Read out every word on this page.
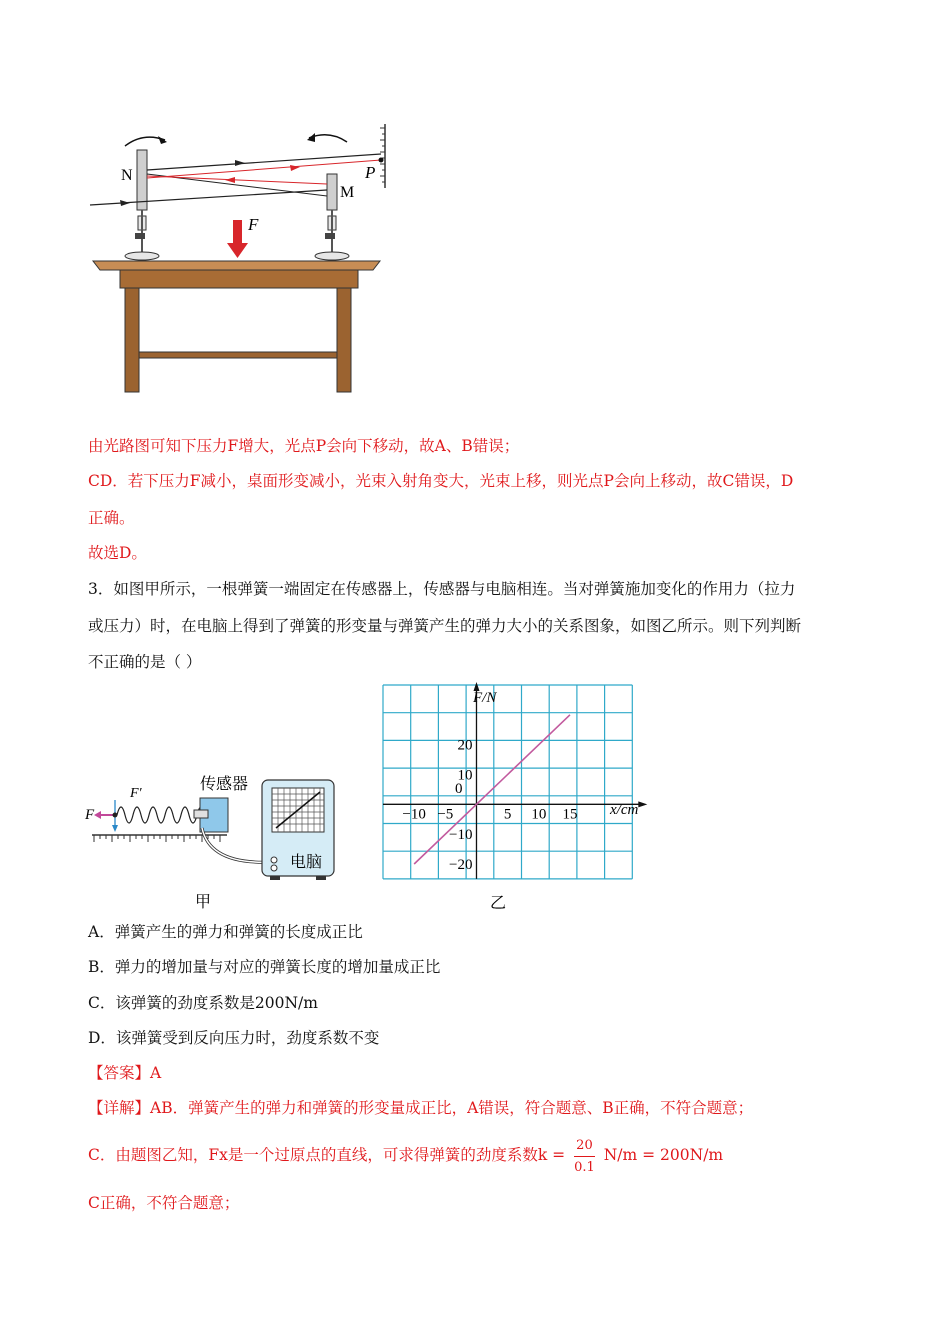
N
M
P
F
由光路图可知下压力F增大，光点P会向下移动，故A、B错误；
CD．若下压力F减小，桌面形变减小，光束入射角变大，光束上移，则光点P会向上移动，故C错误，D
正确。
故选D。
3．如图甲所示，一根弹簧一端固定在传感器上，传感器与电脑相连。当对弹簧施加变化的作用力（拉力
或压力）时，在电脑上得到了弹簧的形变量与弹簧产生的弹力大小的关系图象，如图乙所示。则下列判断
不正确的是（ ）
F
F′
传感器
电脑
甲
−10 −5	5 10 15
20
10
−10
−20
F/N
x/cm
0
乙
A．弹簧产生的弹力和弹簧的长度成正比
B．弹力的增加量与对应的弹簧长度的增加量成正比
C．该弹簧的劲度系数是200N/m
D．该弹簧受到反向压力时，劲度系数不变
【答案】A
【详解】AB．弹簧产生的弹力和弹簧的形变量成正比，A错误，符合题意、B正确，不符合题意；
C．由题图乙知，Fx是一个过原点的直线，可求得弹簧的劲度系数$k = \frac{20}{0.1} N/m = 200N/m$
C正确，不符合题意；
